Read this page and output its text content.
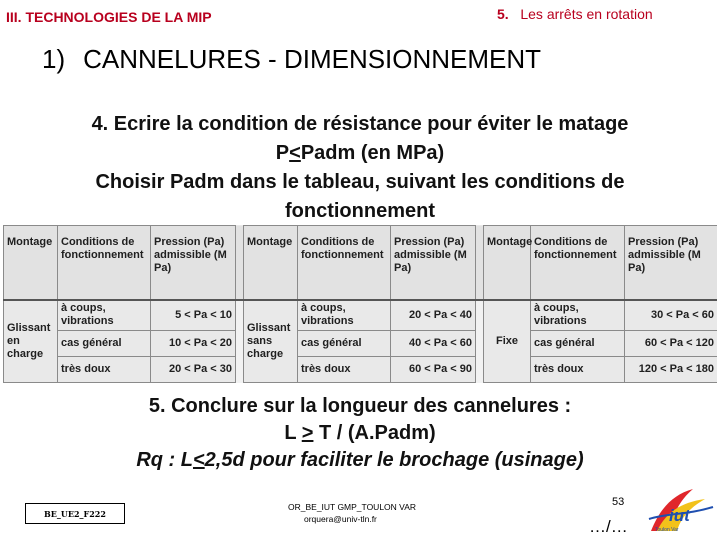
III. TECHNOLOGIES DE LA MIP	5. Les arrêts en rotation
1) CANNELURES - DIMENSIONNEMENT
4. Ecrire la condition de résistance pour éviter le matage
P<Padm (en MPa)
Choisir Padm dans le tableau, suivant les conditions de
fonctionnement
Montage	Conditions de fonctionnement	Pression (Pa) admissible (M Pa)		Montage	Conditions de fonctionnement	Pression (Pa) admissible (M Pa)		Montage	Conditions de fonctionnement	Pression (Pa) admissible (M Pa)
Glissant en charge	à coups, vibrations	5 < Pa < 10		Glissant sans charge	à coups, vibrations	20 < Pa < 40		Fixe	à coups, vibrations	30 < Pa < 60
	cas général	10 < Pa < 20			cas général	40 < Pa < 60			cas général	60 < Pa < 120
	très doux	20 < Pa < 30			très doux	60 < Pa < 90			très doux	120 < Pa < 180
5. Conclure sur la longueur des cannelures :
L ≥ T / (A.Padm)
Rq : L≤2,5d pour faciliter le brochage (usinage)
BE_UE2_F222
OR_BE_IUT GMP_TOULON VAR
orquera@univ-tln.fr
53
…/…
iut
Toulon Var
